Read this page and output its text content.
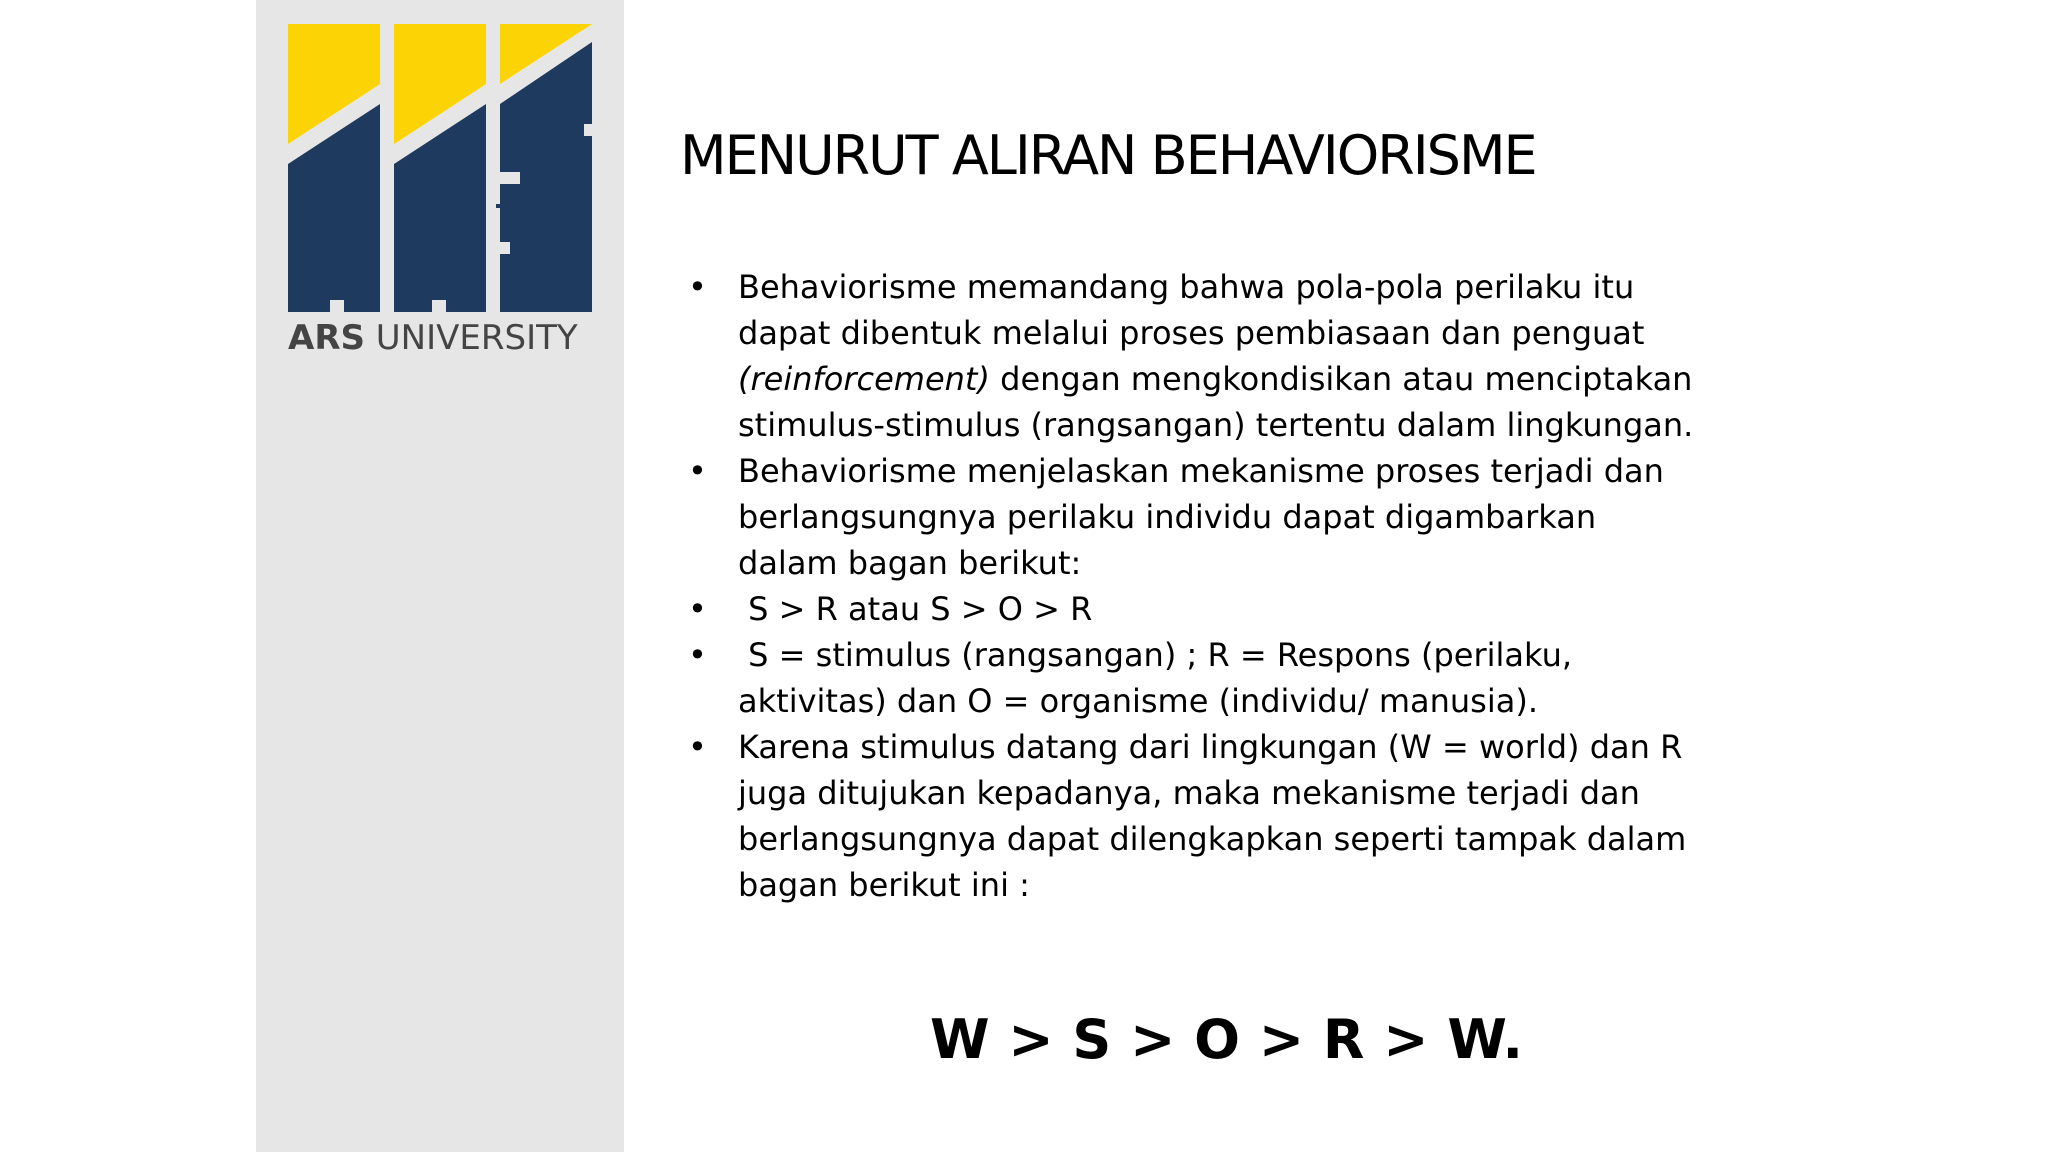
ARS UNIVERSITY
MENURUT ALIRAN BEHAVIORISME
• Behaviorisme memandang bahwa pola-pola perilaku itu dapat dibentuk melalui proses pembiasaan dan penguat (reinforcement) dengan mengkondisikan atau menciptakan stimulus-stimulus (rangsangan) tertentu dalam lingkungan.
• Behaviorisme menjelaskan mekanisme proses terjadi dan berlangsungnya perilaku individu dapat digambarkan dalam bagan berikut:
• S > R atau S > O > R
• S = stimulus (rangsangan) ; R = Respons (perilaku, aktivitas) dan O = organisme (individu/ manusia).
• Karena stimulus datang dari lingkungan (W = world) dan R juga ditujukan kepadanya, maka mekanisme terjadi dan berlangsungnya dapat dilengkapkan seperti tampak dalam bagan berikut ini :
W > S > O > R > W.
